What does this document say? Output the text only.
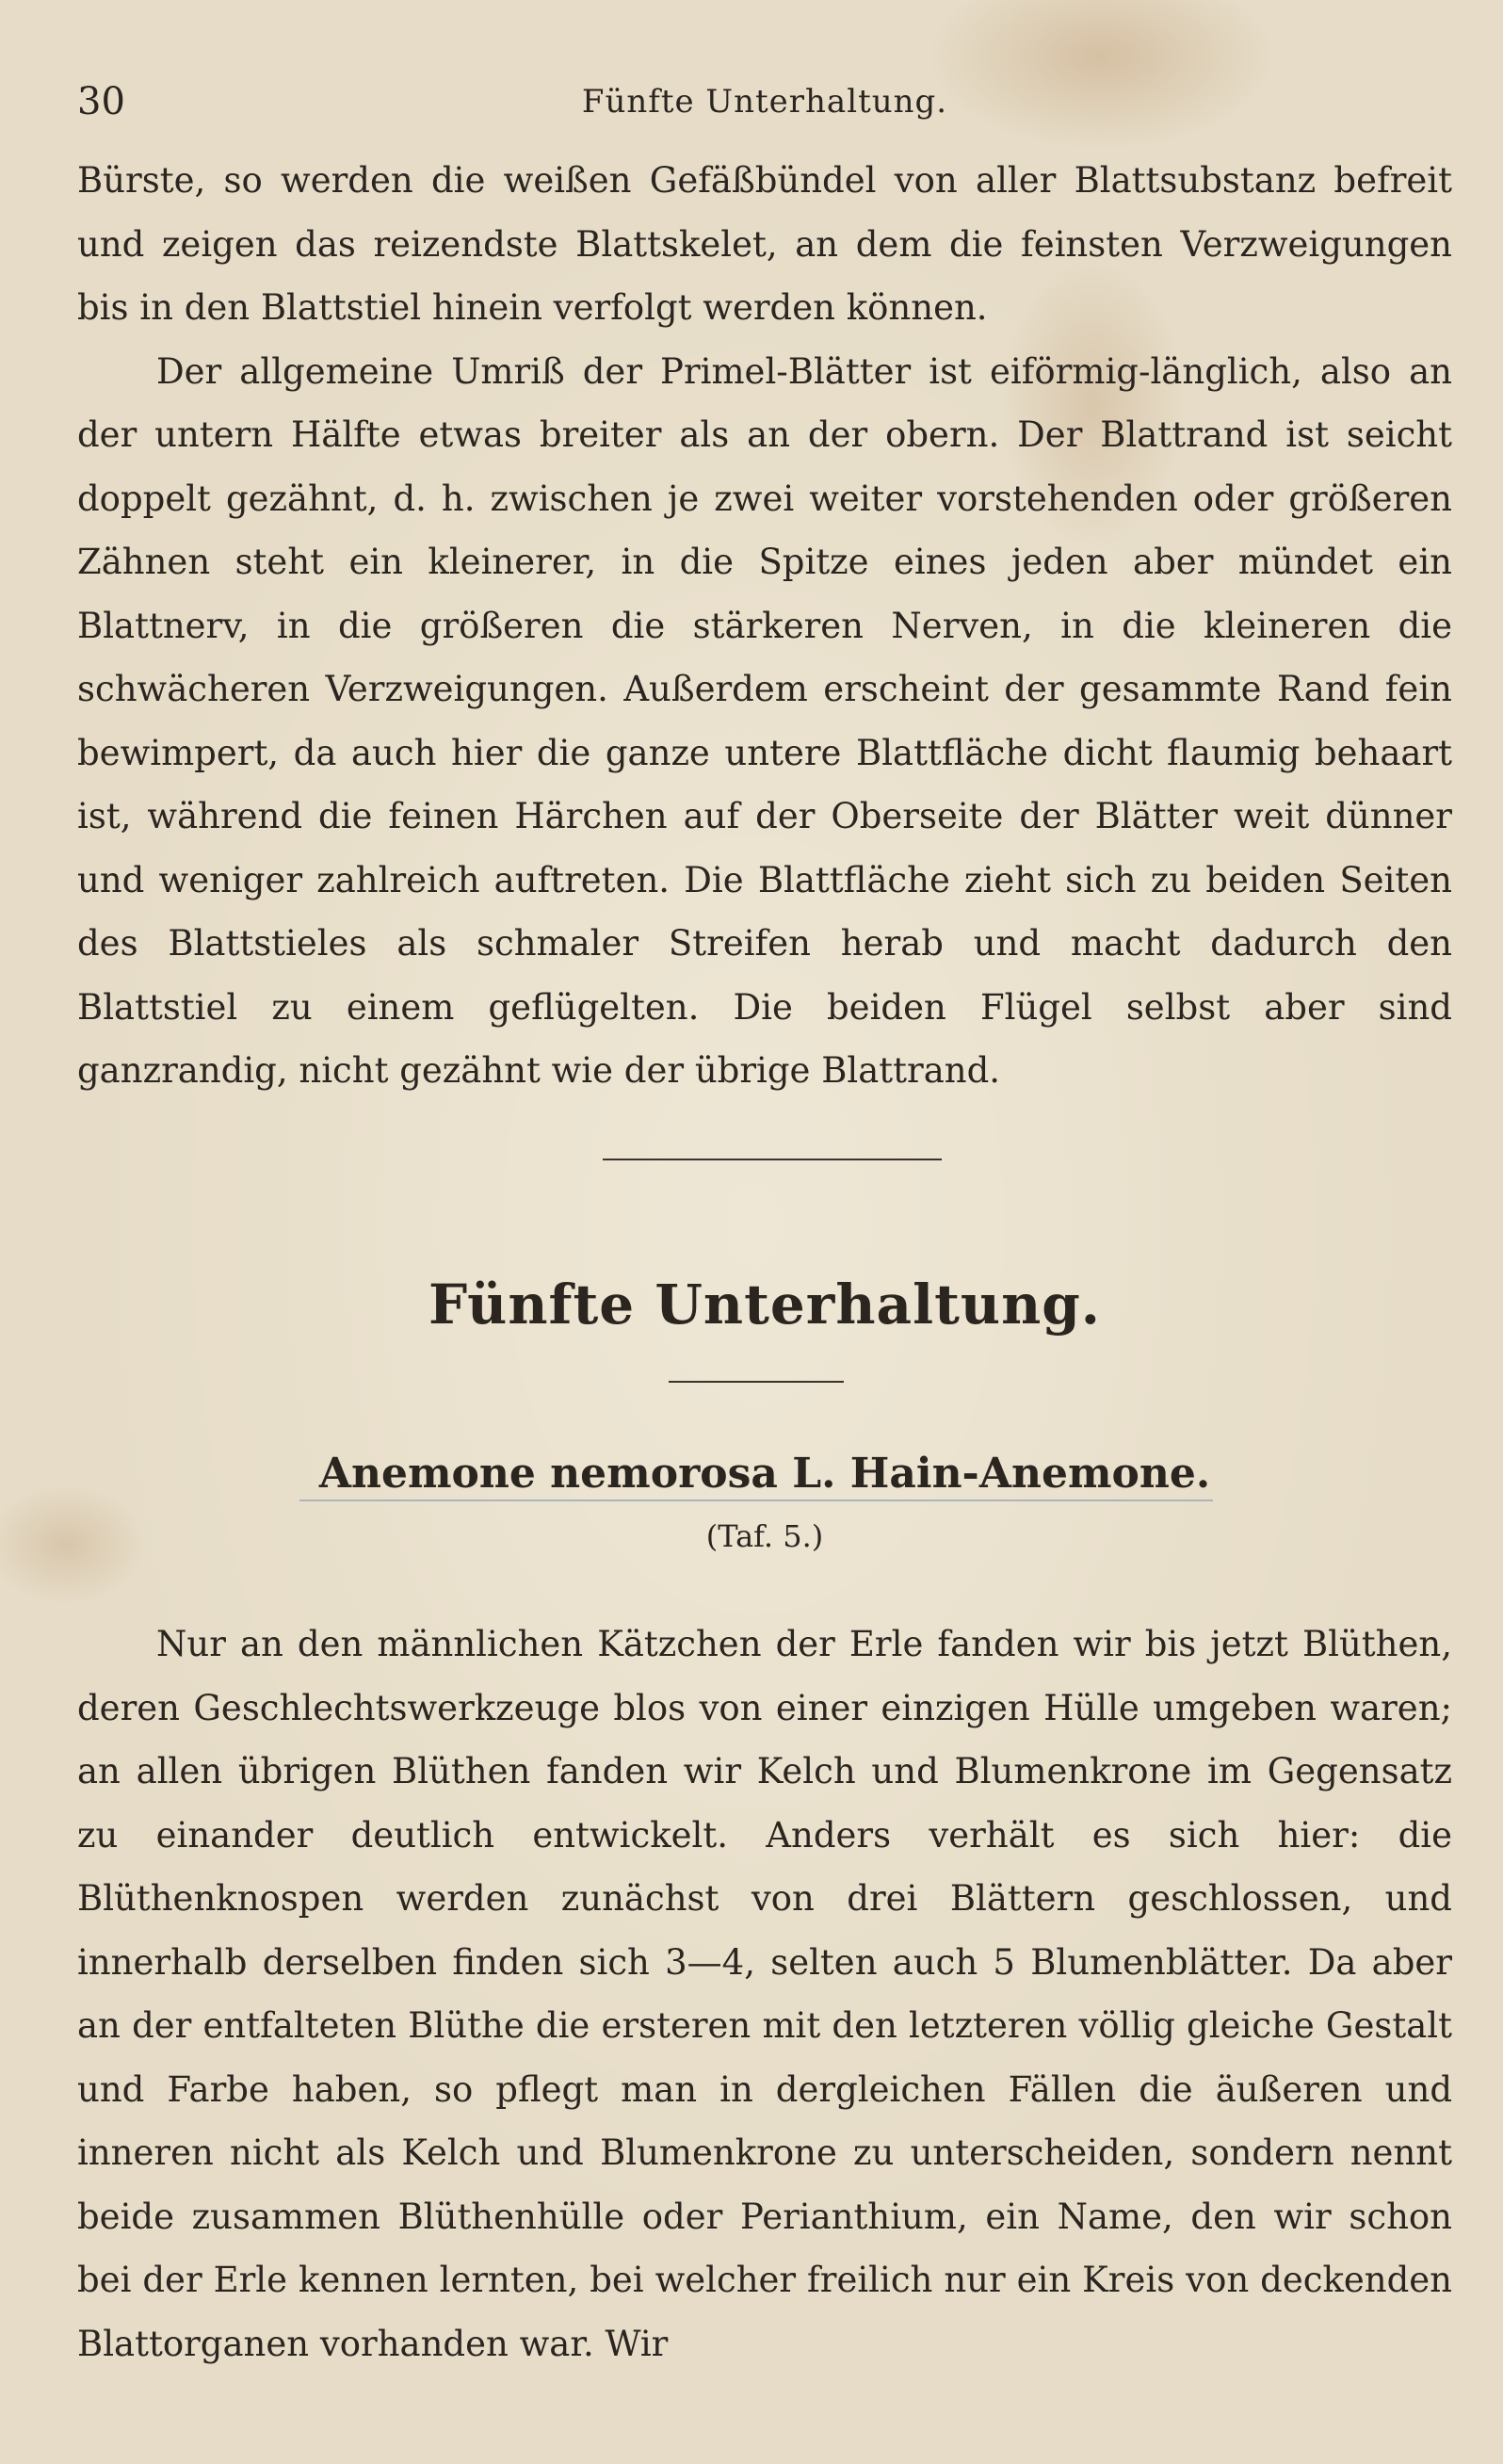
30	Fünfte Unterhaltung.

Bürste, so werden die weißen Gefäßbündel von aller Blattsubstanz befreit und zeigen das reizendste Blattskelet, an dem die feinsten Verzweigungen bis in den Blattstiel hinein verfolgt werden können.

Der allgemeine Umriß der Primel-Blätter ist eiförmig-länglich, also an der untern Hälfte etwas breiter als an der obern. Der Blattrand ist seicht doppelt gezähnt, d. h. zwischen je zwei weiter vorstehenden oder größeren Zähnen steht ein kleinerer, in die Spitze eines jeden aber mündet ein Blattnerv, in die größeren die stärkeren Nerven, in die kleineren die schwächeren Verzweigungen. Außerdem erscheint der gesammte Rand fein bewimpert, da auch hier die ganze untere Blattfläche dicht flaumig behaart ist, während die feinen Härchen auf der Oberseite der Blätter weit dünner und weniger zahlreich auftreten. Die Blattfläche zieht sich zu beiden Seiten des Blattstieles als schmaler Streifen herab und macht dadurch den Blattstiel zu einem geflügelten. Die beiden Flügel selbst aber sind ganzrandig, nicht gezähnt wie der übrige Blattrand.

Fünfte Unterhaltung.
Anemone nemorosa L. Hain-Anemone.
(Taf. 5.)

Nur an den männlichen Kätzchen der Erle fanden wir bis jetzt Blüthen, deren Geschlechtswerkzeuge blos von einer einzigen Hülle umgeben waren; an allen übrigen Blüthen fanden wir Kelch und Blumenkrone im Gegensatz zu einander deutlich entwickelt. Anders verhält es sich hier: die Blüthenknospen werden zunächst von drei Blättern geschlossen, und innerhalb derselben finden sich 3—4, selten auch 5 Blumenblätter. Da aber an der entfalteten Blüthe die ersteren mit den letzteren völlig gleiche Gestalt und Farbe haben, so pflegt man in dergleichen Fällen die äußeren und inneren nicht als Kelch und Blumenkrone zu unterscheiden, sondern nennt beide zusammen Blüthenhülle oder Perianthium, ein Name, den wir schon bei der Erle kennen lernten, bei welcher freilich nur ein Kreis von deckenden Blattorganen vorhanden war. Wir
